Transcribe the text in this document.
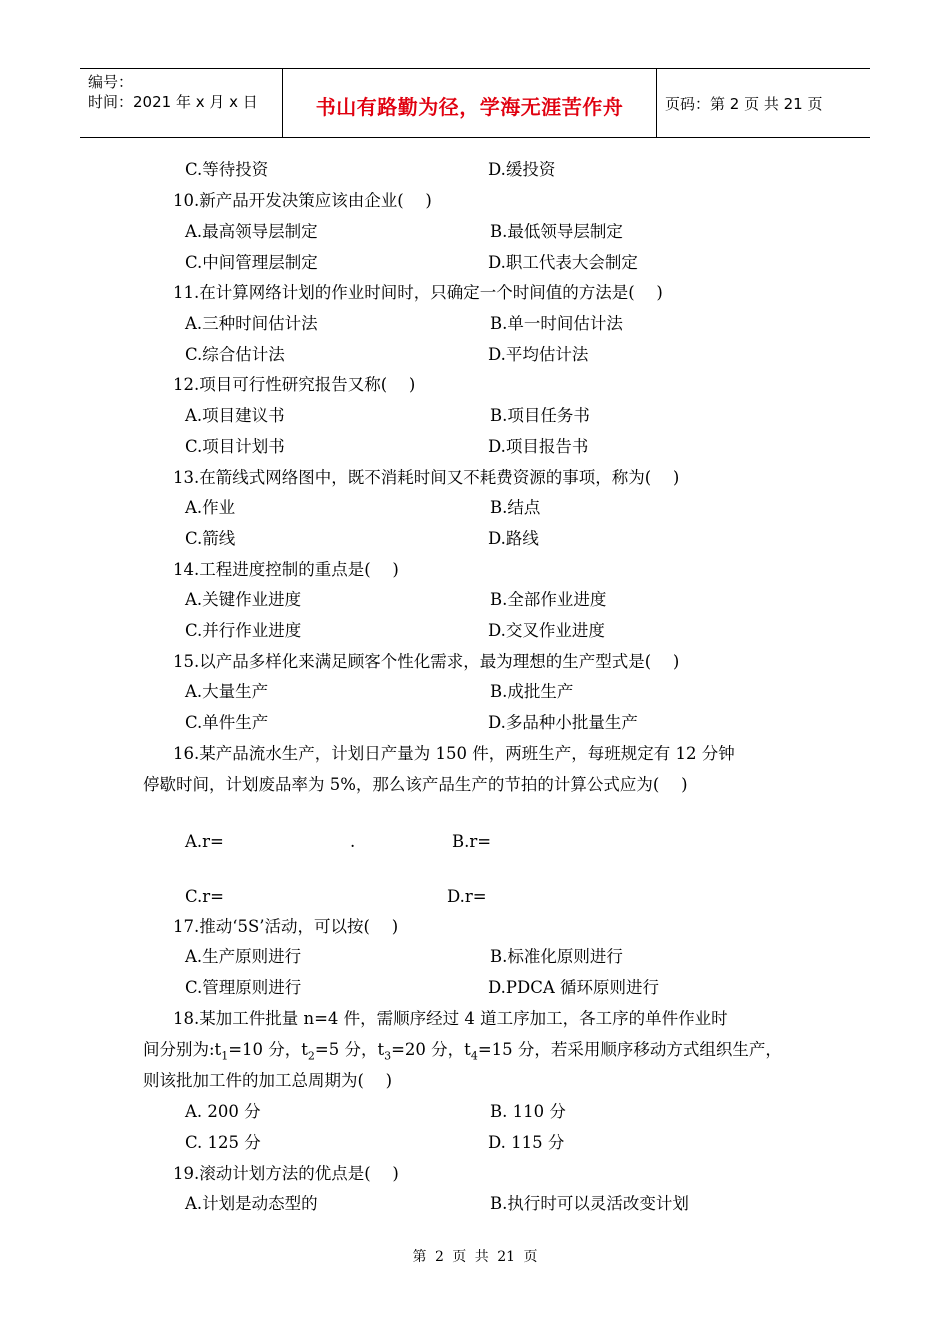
编号：
时间：2021 年 x 月 x 日	书山有路勤为径，学海无涯苦作舟	页码：第 2 页 共 21 页
C.等待投资	D.缓投资
10.新产品开发决策应该由企业(　 )
A.最高领导层制定	B.最低领导层制定
C.中间管理层制定	D.职工代表大会制定
11.在计算网络计划的作业时间时，只确定一个时间值的方法是(　 )
A.三种时间估计法	B.单一时间估计法
C.综合估计法	D.平均估计法
12.项目可行性研究报告又称(　 )
A.项目建议书	B.项目任务书
C.项目计划书	D.项目报告书
13.在箭线式网络图中，既不消耗时间又不耗费资源的事项，称为(　 )
A.作业	B.结点
C.箭线	D.路线
14.工程进度控制的重点是(　 )
A.关键作业进度	B.全部作业进度
C.并行作业进度	D.交叉作业进度
15.以产品多样化来满足顾客个性化需求，最为理想的生产型式是(　 )
A.大量生产	B.成批生产
C.单件生产	D.多品种小批量生产
16.某产品流水生产，计划日产量为 150 件，两班生产，每班规定有 12 分钟
停歇时间，计划废品率为 5%，那么该产品生产的节拍的计算公式应为(　 )
A.r=	.	B.r=
C.r=	D.r=
17.推动‘5S’活动，可以按(　 )
A.生产原则进行	B.标准化原则进行
C.管理原则进行	D.PDCA 循环原则进行
18.某加工件批量 n=4 件，需顺序经过 4 道工序加工，各工序的单件作业时
间分别为$:t_1=10$ 分，$t_2=5$ 分，$t_3=20$ 分，$t_4=15$ 分，若采用顺序移动方式组织生产，
则该批加工件的加工总周期为(　 )
A. 200 分	B. 110 分
C. 125 分	D. 115 分
19.滚动计划方法的优点是(　 )
A.计划是动态型的	B.执行时可以灵活改变计划
第 2 页 共 21 页
